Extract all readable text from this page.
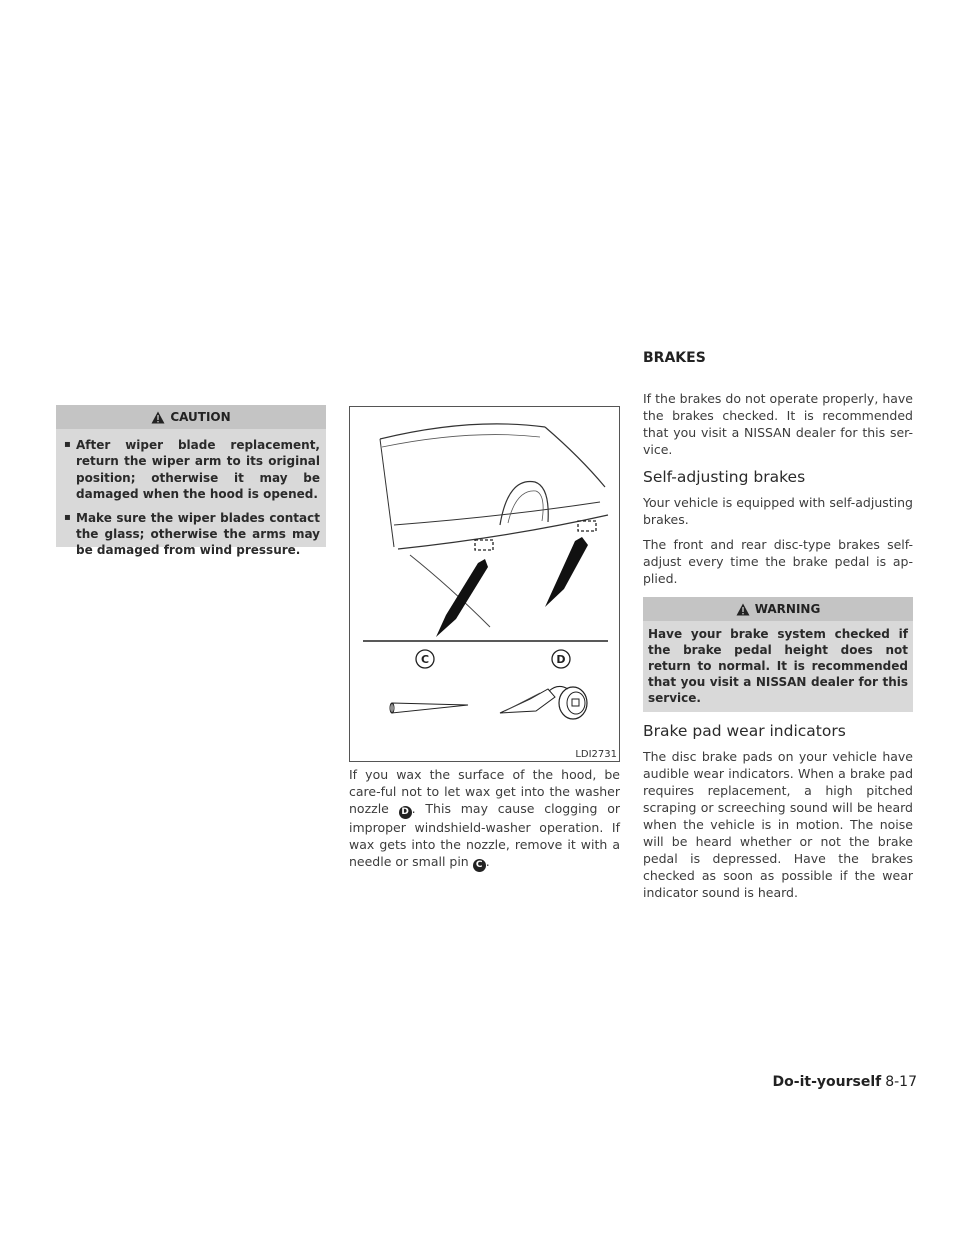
CAUTION
▪ After wiper blade replacement, return the wiper arm to its original position; otherwise it may be damaged when the hood is opened.
▪ Make sure the wiper blades contact the glass; otherwise the arms may be damaged from wind pressure.
C	D
LDI2731

If you wax the surface of the hood, be care-ful not to let wax get into the washer nozzle D . This may cause clogging or improper windshield-washer operation. If wax gets into the nozzle, remove it with a needle or small pin C .

BRAKES

If the brakes do not operate properly, have the brakes checked. It is recommended that you visit a NISSAN dealer for this ser-vice.

Self-adjusting brakes

Your vehicle is equipped with self-adjusting brakes.

The front and rear disc-type brakes self-adjust every time the brake pedal is ap-plied.

WARNING
Have your brake system checked if the brake pedal height does not return to normal. It is recommended that you visit a NISSAN dealer for this service.
Brake pad wear indicators

The disc brake pads on your vehicle have audible wear indicators. When a brake pad requires replacement, a high pitched scraping or screeching sound will be heard when the vehicle is in motion. The noise will be heard whether or not the brake pedal is depressed. Have the brakes checked as soon as possible if the wear indicator sound is heard.

Do-it-yourself 8-17
